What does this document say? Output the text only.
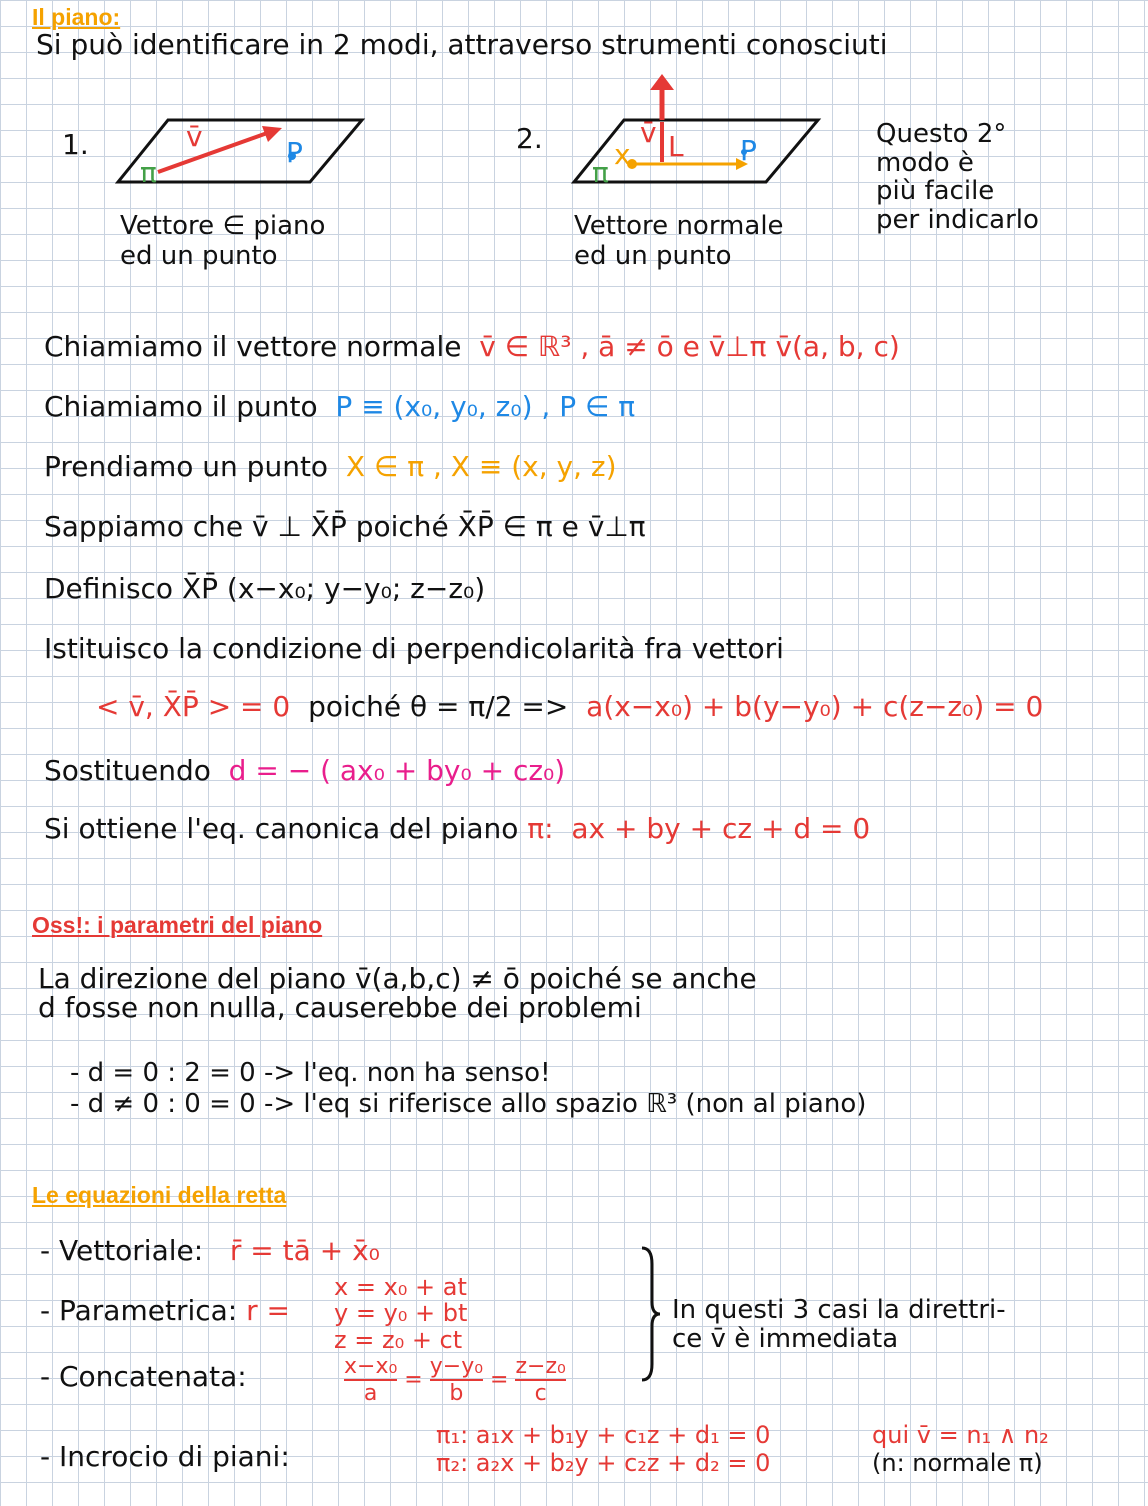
Il piano:
Si può identificare in 2 modi, attraverso strumenti conosciuti
1.	v̄	P
π
Vettore ∈ piano
ed un punto
2.	v̄ L
x	P
π
Vettore normale
ed un punto
Questo 2°
modo è
più facile
per indicarlo
Chiamiamo il vettore normale v̄ ∈ ℝ³ , ā ≠ ō e v̄⊥π v̄(a, b, c)
Chiamiamo il punto P ≡ (x₀, y₀, z₀) , P ∈ π
Prendiamo un punto X ∈ π , X ≡ (x, y, z)
Sappiamo che v̄ ⊥ X̄P̄ poiché X̄P̄ ∈ π e v̄⊥π
Definisco X̄P̄ (x−x₀; y−y₀; z−z₀)
Istituisco la condizione di perpendicolarità fra vettori
< v̄, X̄P̄ > = 0 poiché θ = π/2 => a(x−x₀) + b(y−y₀) + c(z−z₀) = 0
Sostituendo d = − ( ax₀ + by₀ + cz₀)
Si ottiene l'eq. canonica del piano π: ax + by + cz + d = 0
Oss!: i parametri del piano
La direzione del piano v̄(a,b,c) ≠ ō poiché se anche
d fosse non nulla, causerebbe dei problemi
- d = 0 : 2 = 0 -> l'eq. non ha senso!
- d ≠ 0 : 0 = 0 -> l'eq si riferisce allo spazio ℝ³ (non al piano)
Le equazioni della retta
- Vettoriale: r̄ = tā + x̄₀
- Parametrica: r =
x = x₀ + at
y = y₀ + bt
z = z₀ + ct
- Concatenata:	$\frac{\text{x−x₀}}{a} = \frac{\text{y−y₀}}{b} = \frac{\text{z−z₀}}{c}$
In questi 3 casi la direttri-
ce v̄ è immediata
- Incrocio di piani:
π₁: a₁x + b₁y + c₁z + d₁ = 0
π₂: a₂x + b₂y + c₂z + d₂ = 0
qui v̄ = n₁ ∧ n₂
(n: normale π)
